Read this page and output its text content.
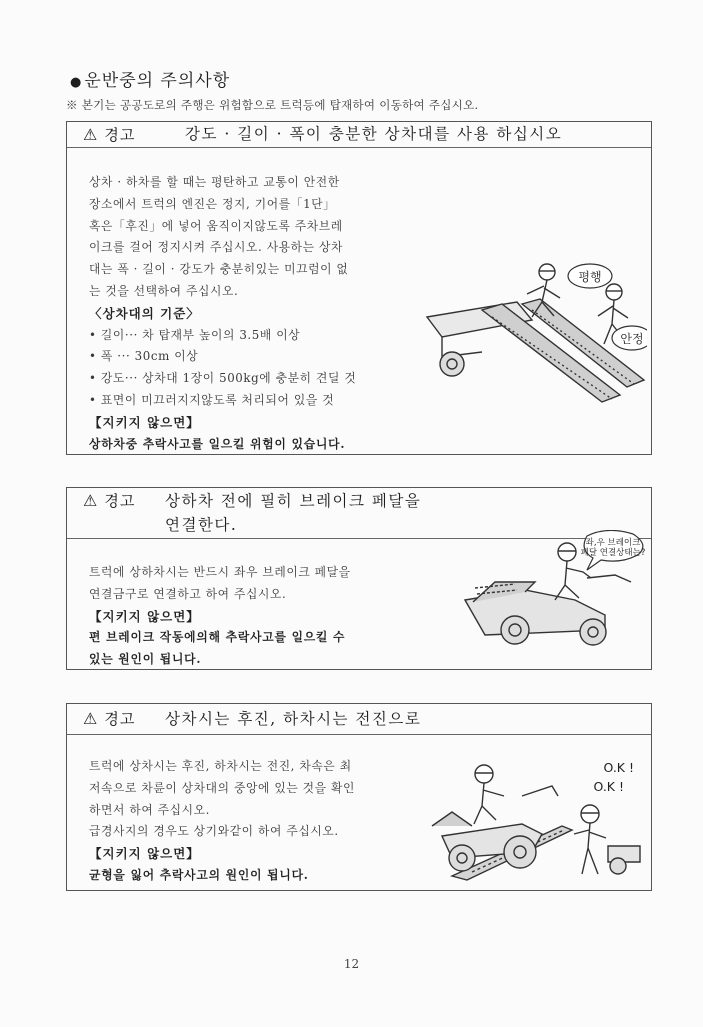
● 운반중의 주의사항
※ 본기는 공공도로의 주행은 위험함으로 트럭등에 탑재하여 이동하여 주십시오.
⚠ 경고	강도 · 길이 · 폭이 충분한 상차대를 사용 하십시오

상차 · 하차를 할 때는 평탄하고 교통이 안전한

장소에서 트럭의 엔진은 정지, 기어를「1단」

혹은「후진」에 넣어 움직이지않도록 주차브레

이크를 걸어 정지시켜 주십시오. 사용하는 상차

대는 폭 · 길이 · 강도가 충분히있는 미끄럼이 없

는 것을 선택하여 주십시오.

〈상차대의 기준〉

• 길이··· 차 탑재부 높이의 3.5배 이상

• 폭 ··· 30cm 이상

• 강도··· 상차대 1장이 500kg에 충분히 견딜 것

• 표면이 미끄러지지않도록 처리되어 있을 것

【지키지 않으면】

상하차중 추락사고를 일으킬 위험이 있습니다.

평행
안정
⚠ 경고 상하차 전에 필히 브레이크 페달을
연결한다.

트럭에 상하차시는 반드시 좌우 브레이크 페달을

연결금구로 연결하고 하여 주십시오.

【지키지 않으면】

편 브레이크 작동에의해 추락사고를 일으킬 수

있는 원인이 됩니다.

좌,우 브레이크
페달 연결상태는?
⚠ 경고 상차시는 후진, 하차시는 전진으로

트럭에 상차시는 후진, 하차시는 전진, 차속은 최

저속으로 차륜이 상차대의 중앙에 있는 것을 확인

하면서 하여 주십시오.

급경사지의 경우도 상기와같이 하여 주십시오.

【지키지 않으면】

균형을 잃어 추락사고의 원인이 됩니다.

O.K !
O.K !
12
